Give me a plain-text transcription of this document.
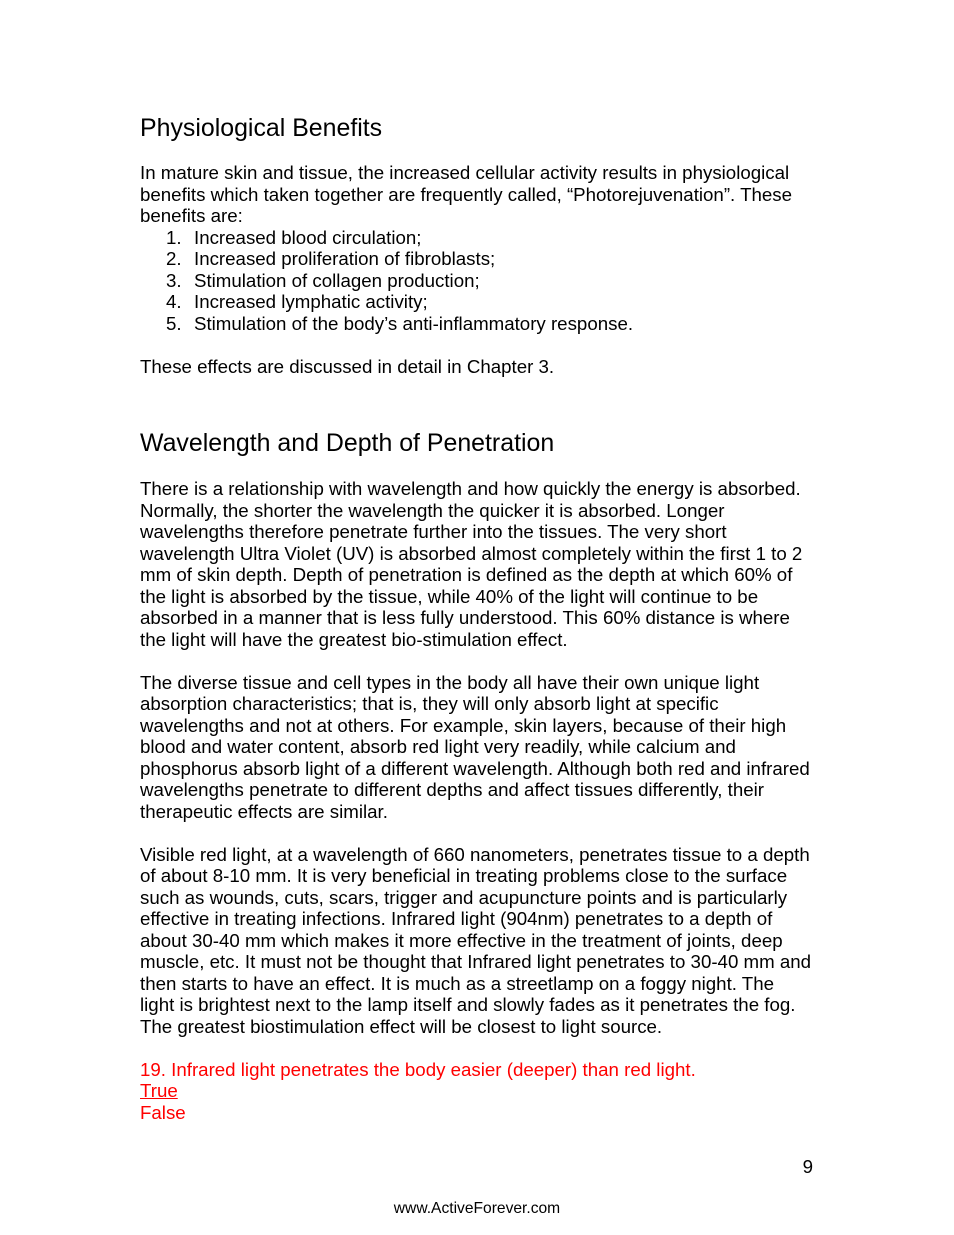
Physiological Benefits
In mature skin and tissue, the increased cellular activity results in physiological
benefits which taken together are frequently called, “Photorejuvenation”. These
benefits are:
1. Increased blood circulation;
2. Increased proliferation of fibroblasts;
3. Stimulation of collagen production;
4. Increased lymphatic activity;
5. Stimulation of the body’s anti-inflammatory response.
These effects are discussed in detail in Chapter 3.
Wavelength and Depth of Penetration
There is a relationship with wavelength and how quickly the energy is absorbed.
Normally, the shorter the wavelength the quicker it is absorbed. Longer
wavelengths therefore penetrate further into the tissues. The very short
wavelength Ultra Violet (UV) is absorbed almost completely within the first 1 to 2
mm of skin depth. Depth of penetration is defined as the depth at which 60% of
the light is absorbed by the tissue, while 40% of the light will continue to be
absorbed in a manner that is less fully understood. This 60% distance is where
the light will have the greatest bio-stimulation effect.
The diverse tissue and cell types in the body all have their own unique light
absorption characteristics; that is, they will only absorb light at specific
wavelengths and not at others. For example, skin layers, because of their high
blood and water content, absorb red light very readily, while calcium and
phosphorus absorb light of a different wavelength. Although both red and infrared
wavelengths penetrate to different depths and affect tissues differently, their
therapeutic effects are similar.
Visible red light, at a wavelength of 660 nanometers, penetrates tissue to a depth
of about 8-10 mm. It is very beneficial in treating problems close to the surface
such as wounds, cuts, scars, trigger and acupuncture points and is particularly
effective in treating infections. Infrared light (904nm) penetrates to a depth of
about 30-40 mm which makes it more effective in the treatment of joints, deep
muscle, etc. It must not be thought that Infrared light penetrates to 30-40 mm and
then starts to have an effect. It is much as a streetlamp on a foggy night. The
light is brightest next to the lamp itself and slowly fades as it penetrates the fog.
The greatest biostimulation effect will be closest to light source.
19. Infrared light penetrates the body easier (deeper) than red light.
True
False
9
www.ActiveForever.com
